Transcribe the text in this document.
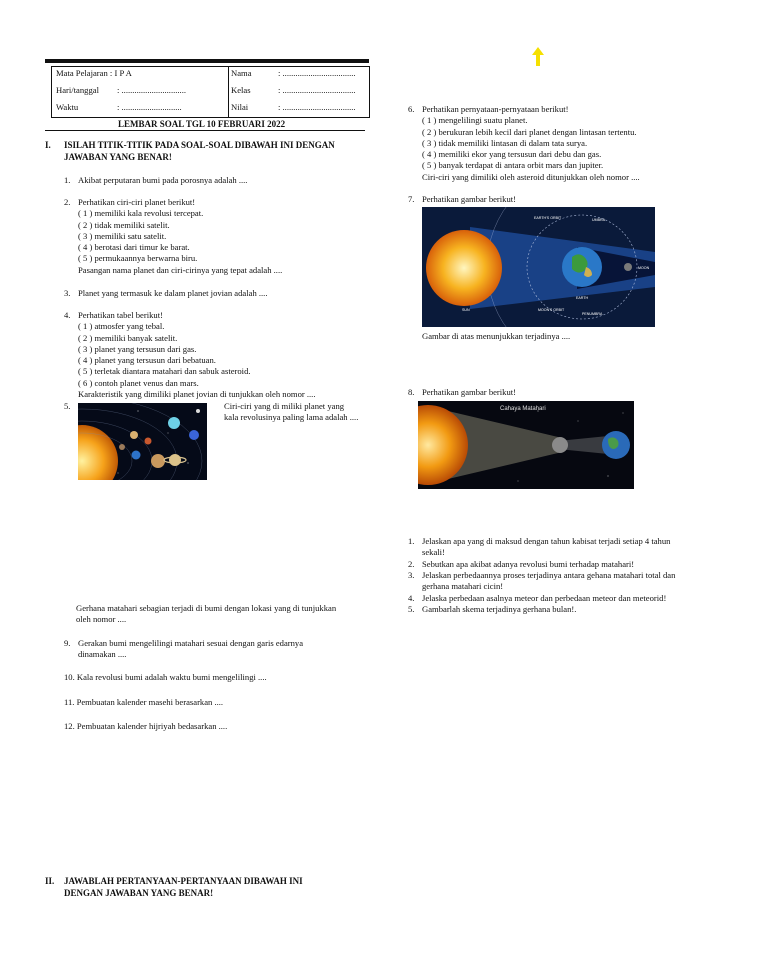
Mata Pelajaran : I P A
Hari/tanggal : ..............................
Waktu	: ............................
Nama	: ..................................
Kelas	: ..................................
Nilai	: ..................................
LEMBAR SOAL TGL 10 FEBRUARI 2022
I. ISILAH TITIK-TITIK PADA SOAL-SOAL DIBAWAH INI DENGAN
JAWABAN YANG BENAR!
1. Akibat perputaran bumi pada porosnya adalah ....
2. Perhatikan ciri-ciri planet berikut!
( 1 ) memiliki kala revolusi tercepat.
( 2 ) tidak memiliki satelit.
( 3 ) memiliki satu satelit.
( 4 ) berotasi dari timur ke barat.
( 5 ) permukaannya berwarna biru.
Pasangan nama planet dan ciri-cirinya yang tepat adalah ....
3. Planet yang termasuk ke dalam planet jovian adalah ....
4. Perhatikan tabel berikut!
( 1 ) atmosfer yang tebal.
( 2 ) memiliki banyak satelit.
( 3 ) planet yang tersusun dari gas.
( 4 ) planet yang tersusun dari bebatuan.
( 5 ) terletak diantara matahari dan sabuk asteroid.
( 6 ) contoh planet venus dan mars.
Karakteristik yang dimiliki planet jovian di tunjukkan oleh nomor ....
5.	Ciri-ciri yang di miliki planet yang
kala revolusinya paling lama adalah ....
Gerhana matahari sebagian terjadi di bumi dengan lokasi yang di tunjukkan
oleh nomor ....
9. Gerakan bumi mengelilingi matahari sesuai dengan garis edarnya
dinamakan ....
10. Kala revolusi bumi adalah waktu bumi mengelilingi ....
11. Pembuatan kalender masehi berasarkan ....
12. Pembuatan kalender hijriyah bedasarkan ....
6. Perhatikan pernyataan-pernyataan berikut!
( 1 ) mengelilingi suatu planet.
( 2 ) berukuran lebih kecil dari planet dengan lintasan tertentu.
( 3 ) tidak memiliki lintasan di dalam tata surya.
( 4 ) memiliki ekor yang tersusun dari debu dan gas.
( 5 ) banyak terdapat di antara orbit mars dan jupiter.
Ciri-ciri yang dimiliki oleh asteroid ditunjukkan oleh nomor ....
7. Perhatikan gambar berikut!
EARTH'S ORBIT	UMBRA
MOON
EARTH
SUN	MOON'S ORBIT
PENUMBRA
Gambar di atas menunjukkan terjadinya ....
8. Perhatikan gambar berikut!
Cahaya Matahari
1. Jelaskan apa yang di maksud dengan tahun kabisat terjadi setiap 4 tahun
sekali!
2. Sebutkan apa akibat adanya revolusi bumi terhadap matahari!
3. Jelaskan perbedaannya proses terjadinya antara gehana matahari total dan
gerhana matahari cicin!
4. Jelaska perbedaan asalnya meteor dan perbedaan meteor dan meteorid!
5. Gambarlah skema terjadinya gerhana bulan!.
II. JAWABLAH PERTANYAAN-PERTANYAAN DIBAWAH INI
DENGAN JAWABAN YANG BENAR!
